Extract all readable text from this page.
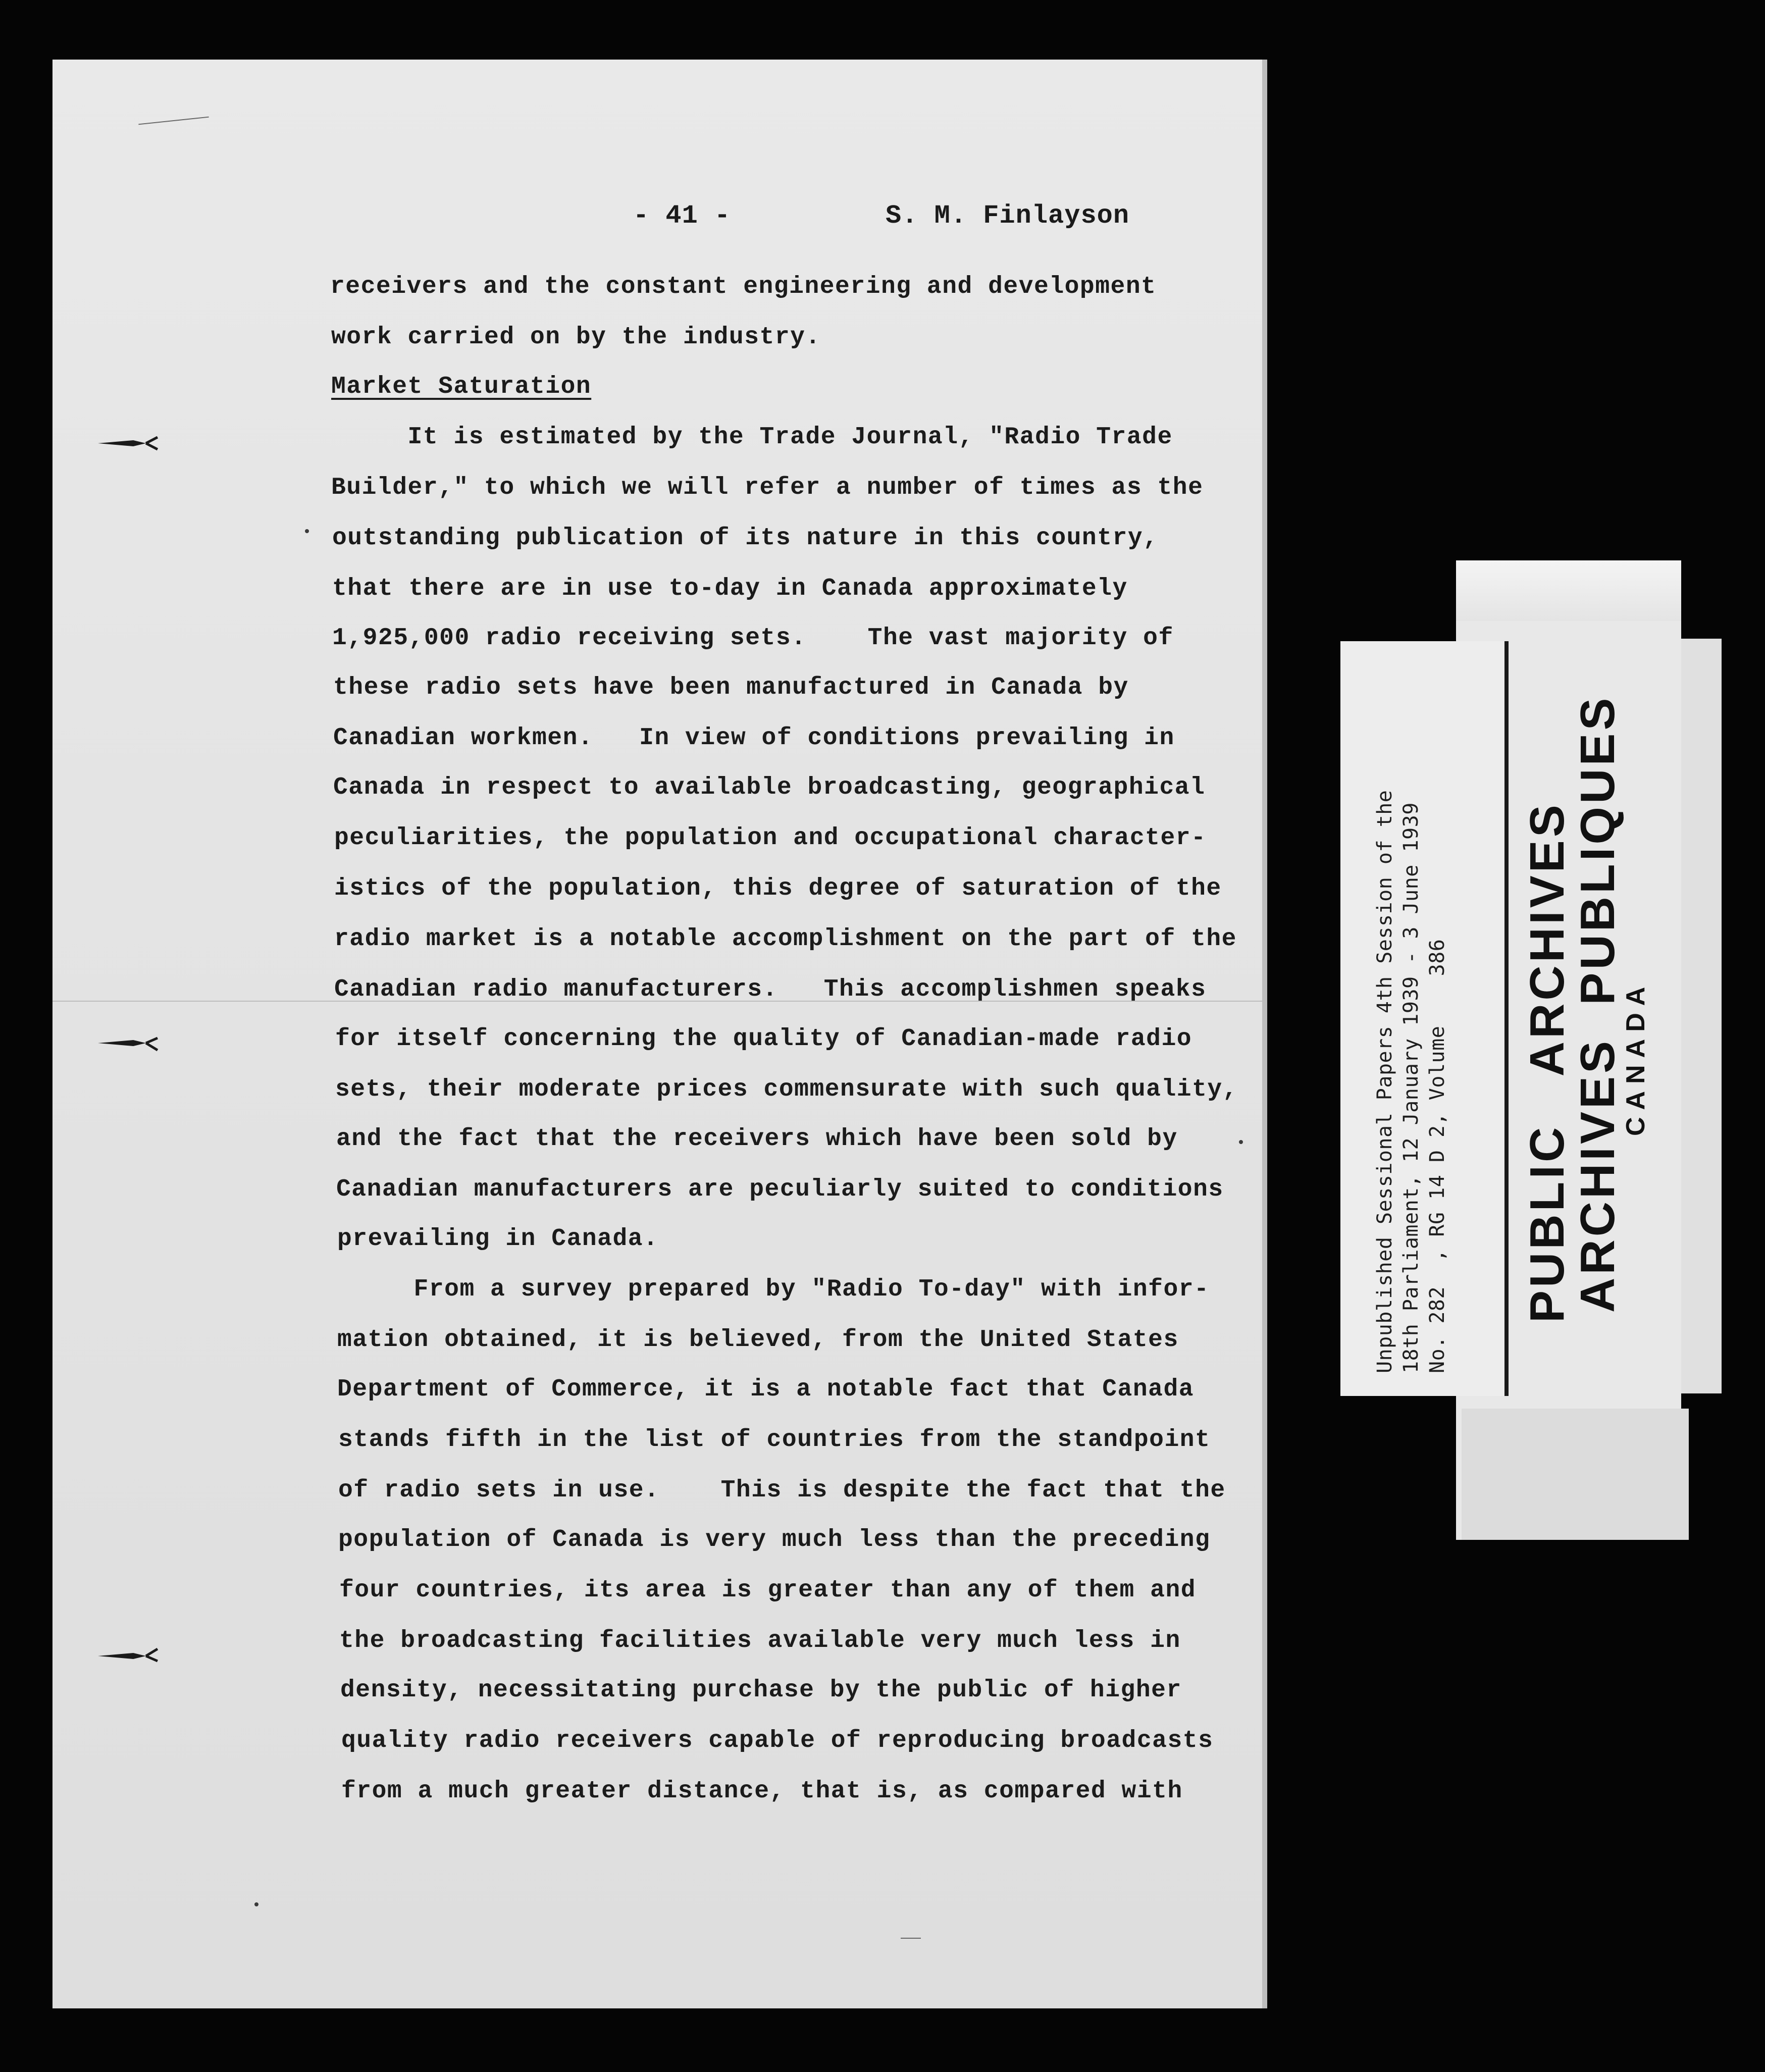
- 41 -	S. M. Finlayson
receivers and the constant engineering and development
work carried on by the industry.
Market Saturation
It is estimated by the Trade Journal, "Radio Trade
Builder," to which we will refer a number of times as the
outstanding publication of its nature in this country,
that there are in use to-day in Canada approximately
1,925,000 radio receiving sets.    The vast majority of
these radio sets have been manufactured in Canada by
Canadian workmen.   In view of conditions prevailing in
Canada in respect to available broadcasting, geographical
peculiarities, the population and occupational character-
istics of the population, this degree of saturation of the
radio market is a notable accomplishment on the part of the
Canadian radio manufacturers.   This accomplishmen speaks
for itself concerning the quality of Canadian-made radio
sets, their moderate prices commensurate with such quality,
and the fact that the receivers which have been sold by
Canadian manufacturers are peculiarly suited to conditions
prevailing in Canada.
From a survey prepared by "Radio To-day" with infor-
mation obtained, it is believed, from the United States
Department of Commerce, it is a notable fact that Canada
stands fifth in the list of countries from the standpoint
of radio sets in use.    This is despite the fact that the
population of Canada is very much less than the preceding
four countries, its area is greater than any of them and
the broadcasting facilities available very much less in
density, necessitating purchase by the public of higher
quality radio receivers capable of reproducing broadcasts
from a much greater distance, that is, as compared with
Unpublished Sessional Papers 4th Session of the 18th Parliament, 12 January 1939 - 3 June 1939 No. 282  , RG 14 D 2, Volume    386 PUBLIC   ARCHIVES
ARCHIVES  PUBLIQUES
CANADA
